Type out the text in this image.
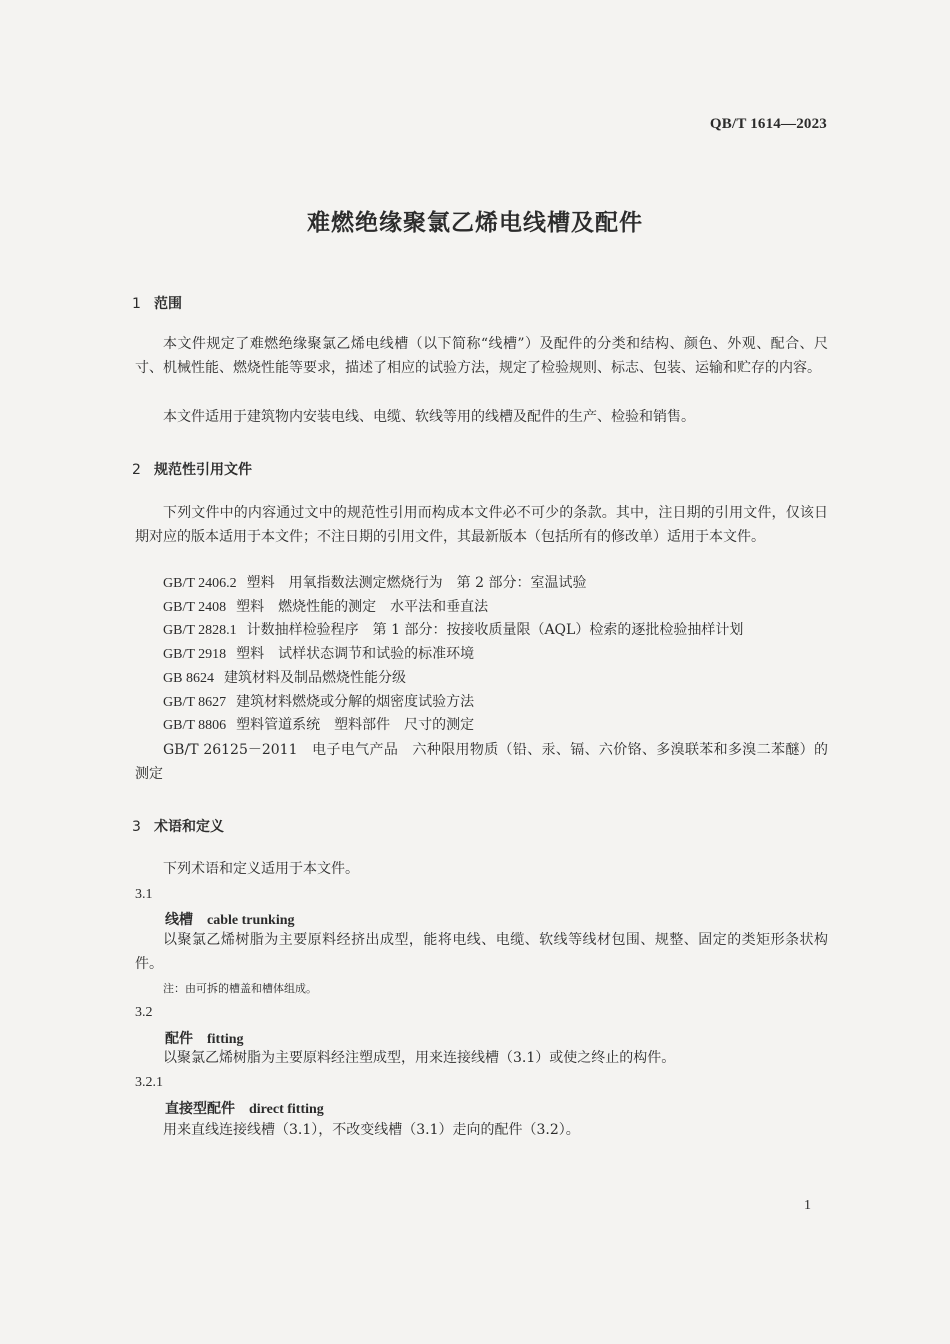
QB/T 1614—2023
难燃绝缘聚氯乙烯电线槽及配件
1 范围

本文件规定了难燃绝缘聚氯乙烯电线槽（以下简称“线槽”）及配件的分类和结构、颜色、外观、配合、尺寸、机械性能、燃烧性能等要求，描述了相应的试验方法，规定了检验规则、标志、包装、运输和贮存的内容。

本文件适用于建筑物内安装电线、电缆、软线等用的线槽及配件的生产、检验和销售。

2 规范性引用文件

下列文件中的内容通过文中的规范性引用而构成本文件必不可少的条款。其中，注日期的引用文件，仅该日期对应的版本适用于本文件；不注日期的引用文件，其最新版本（包括所有的修改单）适用于本文件。

GB/T 2406.2 塑料　用氧指数法测定燃烧行为　第 2 部分：室温试验
GB/T 2408 塑料　燃烧性能的测定　水平法和垂直法
GB/T 2828.1 计数抽样检验程序　第 1 部分：按接收质量限（AQL）检索的逐批检验抽样计划
GB/T 2918 塑料　试样状态调节和试验的标准环境
GB 8624 建筑材料及制品燃烧性能分级
GB/T 8627 建筑材料燃烧或分解的烟密度试验方法
GB/T 8806 塑料管道系统　塑料部件　尺寸的测定

GB/T 26125－2011　电子电气产品　六种限用物质（铅、汞、镉、六价铬、多溴联苯和多溴二苯醚）的测定

3 术语和定义

下列术语和定义适用于本文件。

3.1
线槽 cable trunking

以聚氯乙烯树脂为主要原料经挤出成型，能将电线、电缆、软线等线材包围、规整、固定的类矩形条状构件。

注：由可拆的槽盖和槽体组成。
3.2
配件 fitting

以聚氯乙烯树脂为主要原料经注塑成型，用来连接线槽（3.1）或使之终止的构件。

3.2.1
直接型配件 direct fitting

用来直线连接线槽（3.1），不改变线槽（3.1）走向的配件（3.2）。

1
